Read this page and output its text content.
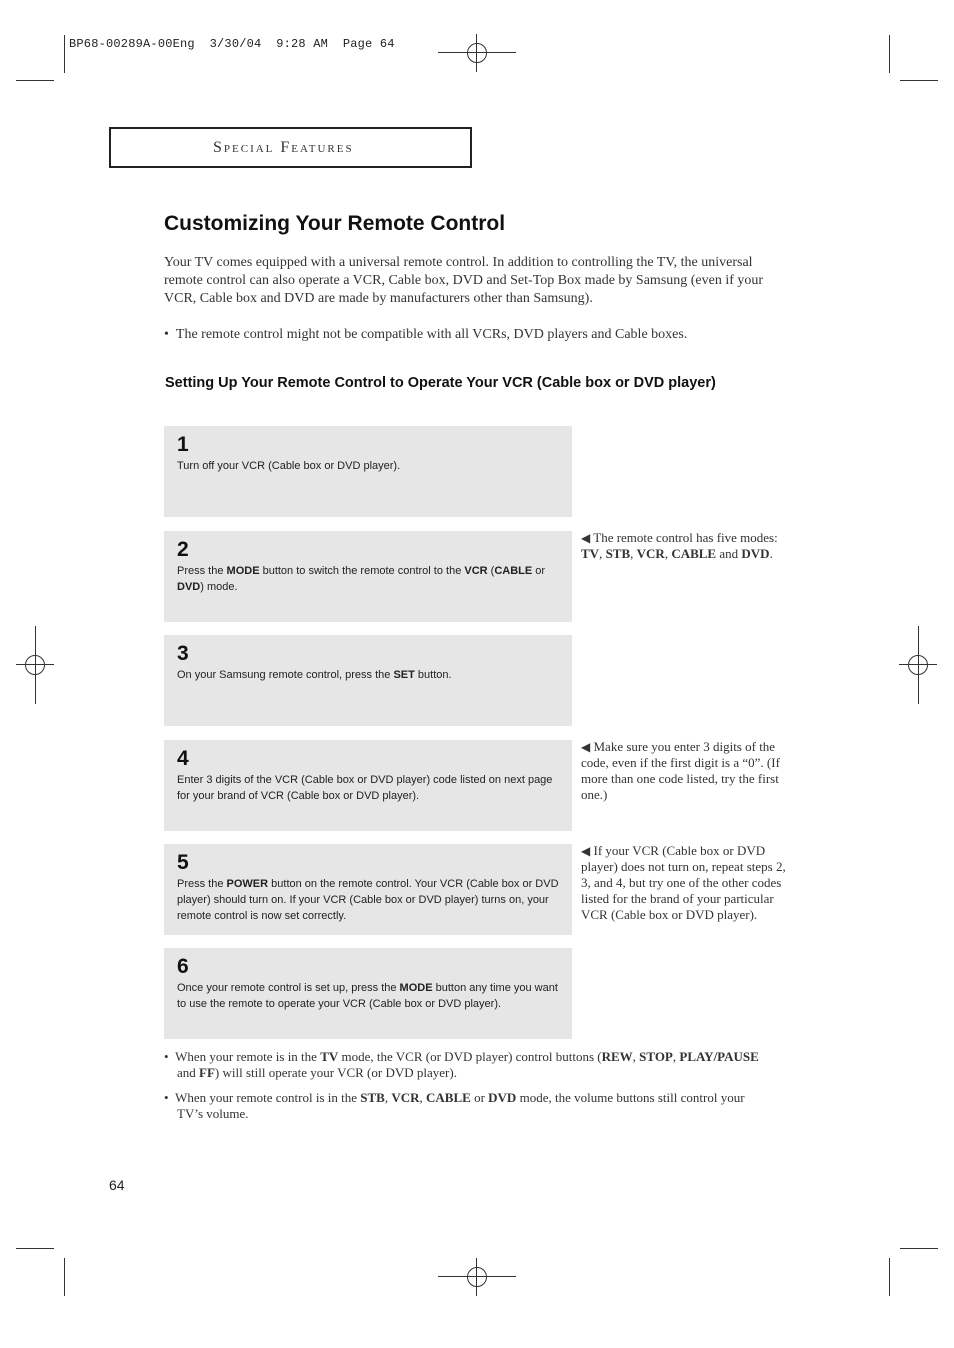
BP68-00289A-00Eng  3/30/04  9:28 AM  Page 64
Special Features
Customizing Your Remote Control
Your TV comes equipped with a universal remote control. In addition to controlling the TV, the universal remote control can also operate a VCR, Cable box, DVD and Set-Top Box made by Samsung (even if your VCR, Cable box and DVD are made by manufacturers other than Samsung).
• The remote control might not be compatible with all VCRs, DVD players and Cable boxes.
Setting Up Your Remote Control to Operate Your VCR (Cable box or DVD player)
1
Turn off your VCR (Cable box or DVD player).
2
Press the MODE button to switch the remote control to the VCR (CABLE or DVD) mode.
3
On your Samsung remote control, press the SET button.
4
Enter 3 digits of the VCR (Cable box or DVD player) code listed on next page for your brand of VCR (Cable box or DVD player).
5
Press the POWER button on the remote control. Your VCR (Cable box or DVD player) should turn on. If your VCR (Cable box or DVD player) turns on, your remote control is now set correctly.
6
Once your remote control is set up, press the MODE button any time you want to use the remote to operate your VCR (Cable box or DVD player).
◀ The remote control has five modes: TV, STB, VCR, CABLE and DVD.
◀ Make sure you enter 3 digits of the code, even if the first digit is a “0”. (If more than one code listed, try the first one.)
◀ If your VCR (Cable box or DVD player) does not turn on, repeat steps 2, 3, and 4, but try one of the other codes listed for the brand of your particular VCR (Cable box or DVD player).
• When your remote is in the TV mode, the VCR (or DVD player) control buttons (REW, STOP, PLAY/PAUSE and FF) will still operate your VCR (or DVD player).
• When your remote control is in the STB, VCR, CABLE or DVD mode, the volume buttons still control your TV’s volume.
64
